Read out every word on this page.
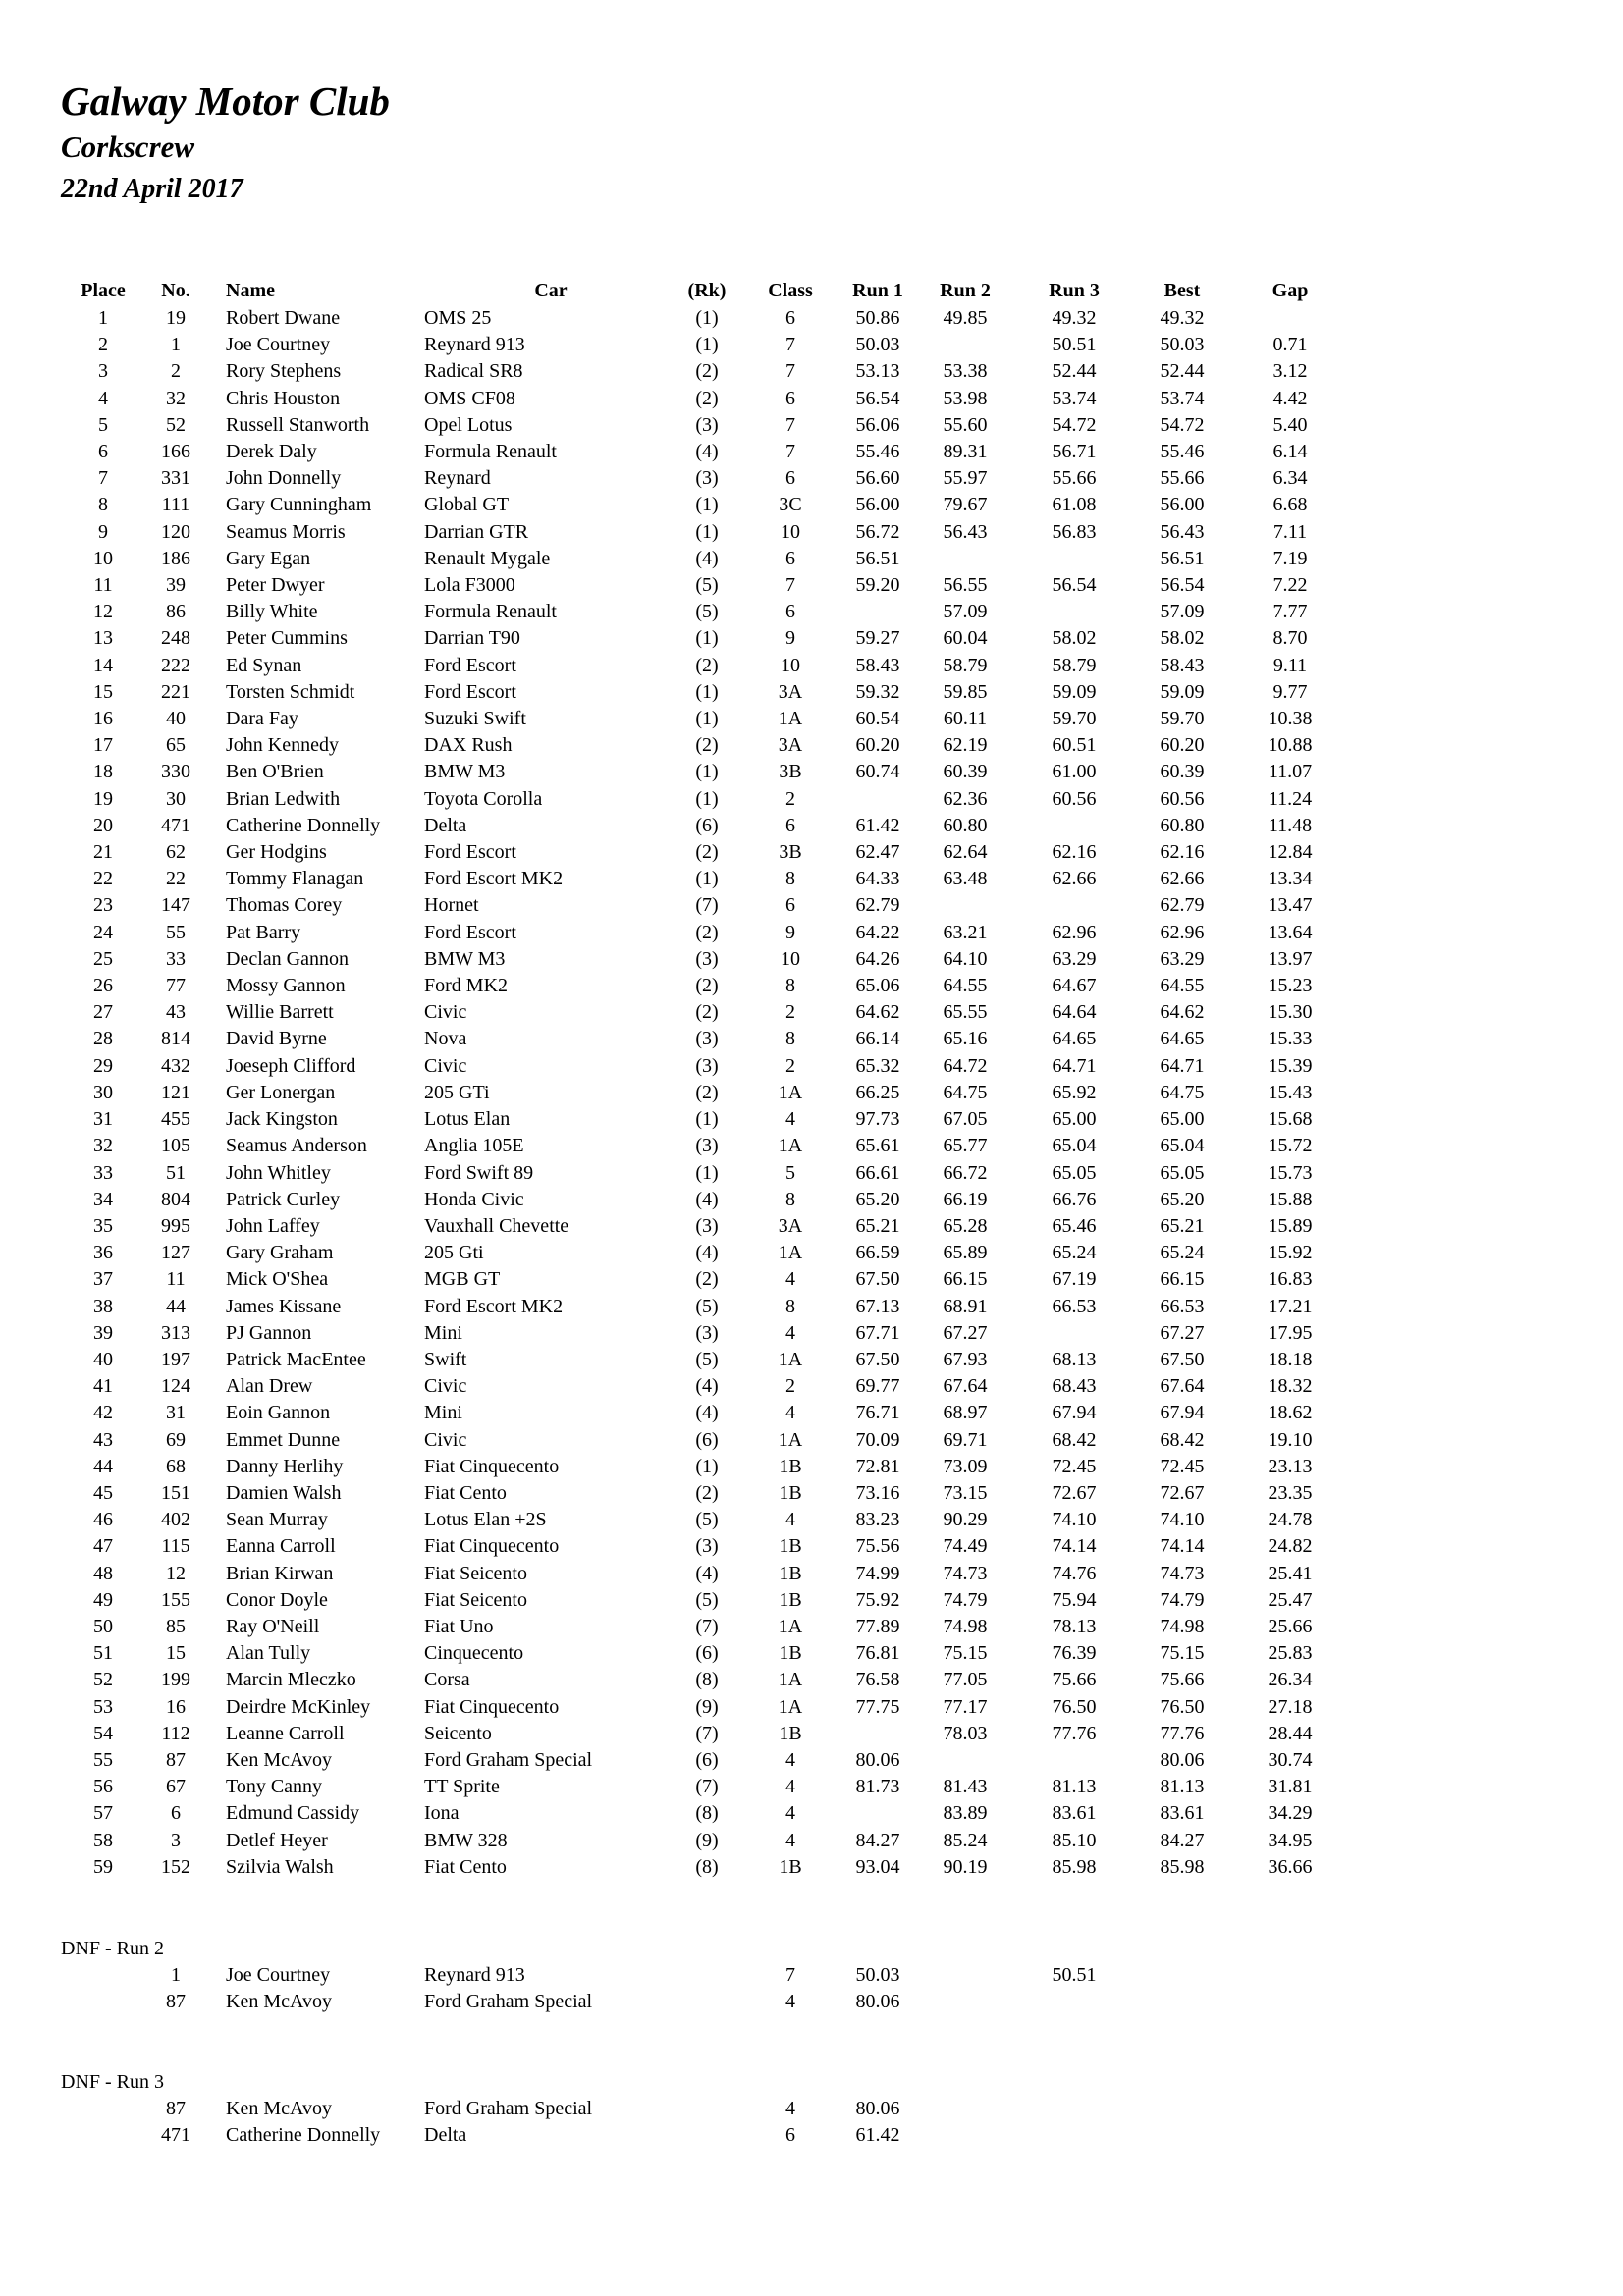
Galway Motor Club

Corkscrew

22nd April 2017

Place	No.		Name	Car	(Rk)	Class	Run 1	Run 2	Run 3	Best	Gap
1	19		Robert Dwane	OMS 25	(1)	6	50.86	49.85	49.32	49.32	
2	1		Joe Courtney	Reynard 913	(1)	7	50.03		50.51	50.03	0.71
3	2		Rory Stephens	Radical SR8	(2)	7	53.13	53.38	52.44	52.44	3.12
4	32		Chris Houston	OMS CF08	(2)	6	56.54	53.98	53.74	53.74	4.42
5	52		Russell Stanworth	Opel Lotus	(3)	7	56.06	55.60	54.72	54.72	5.40
6	166		Derek Daly	Formula Renault	(4)	7	55.46	89.31	56.71	55.46	6.14
7	331		John Donnelly	Reynard	(3)	6	56.60	55.97	55.66	55.66	6.34
8	111		Gary Cunningham	Global GT	(1)	3C	56.00	79.67	61.08	56.00	6.68
9	120		Seamus Morris	Darrian GTR	(1)	10	56.72	56.43	56.83	56.43	7.11
10	186		Gary Egan	Renault Mygale	(4)	6	56.51			56.51	7.19
11	39		Peter Dwyer	Lola F3000	(5)	7	59.20	56.55	56.54	56.54	7.22
12	86		Billy White	Formula Renault	(5)	6		57.09		57.09	7.77
13	248		Peter Cummins	Darrian T90	(1)	9	59.27	60.04	58.02	58.02	8.70
14	222		Ed Synan	Ford Escort	(2)	10	58.43	58.79	58.79	58.43	9.11
15	221		Torsten Schmidt	Ford Escort	(1)	3A	59.32	59.85	59.09	59.09	9.77
16	40		Dara Fay	Suzuki Swift	(1)	1A	60.54	60.11	59.70	59.70	10.38
17	65		John Kennedy	DAX Rush	(2)	3A	60.20	62.19	60.51	60.20	10.88
18	330		Ben O'Brien	BMW M3	(1)	3B	60.74	60.39	61.00	60.39	11.07
19	30		Brian Ledwith	Toyota Corolla	(1)	2		62.36	60.56	60.56	11.24
20	471		Catherine Donnelly	Delta	(6)	6	61.42	60.80		60.80	11.48
21	62		Ger Hodgins	Ford Escort	(2)	3B	62.47	62.64	62.16	62.16	12.84
22	22		Tommy Flanagan	Ford Escort MK2	(1)	8	64.33	63.48	62.66	62.66	13.34
23	147		Thomas Corey	Hornet	(7)	6	62.79			62.79	13.47
24	55		Pat Barry	Ford Escort	(2)	9	64.22	63.21	62.96	62.96	13.64
25	33		Declan Gannon	BMW M3	(3)	10	64.26	64.10	63.29	63.29	13.97
26	77		Mossy Gannon	Ford MK2	(2)	8	65.06	64.55	64.67	64.55	15.23
27	43		Willie Barrett	Civic	(2)	2	64.62	65.55	64.64	64.62	15.30
28	814		David Byrne	Nova	(3)	8	66.14	65.16	64.65	64.65	15.33
29	432		Joeseph Clifford	Civic	(3)	2	65.32	64.72	64.71	64.71	15.39
30	121		Ger Lonergan	205 GTi	(2)	1A	66.25	64.75	65.92	64.75	15.43
31	455		Jack Kingston	Lotus Elan	(1)	4	97.73	67.05	65.00	65.00	15.68
32	105		Seamus Anderson	Anglia 105E	(3)	1A	65.61	65.77	65.04	65.04	15.72
33	51		John Whitley	Ford Swift 89	(1)	5	66.61	66.72	65.05	65.05	15.73
34	804		Patrick Curley	Honda Civic	(4)	8	65.20	66.19	66.76	65.20	15.88
35	995		John Laffey	Vauxhall Chevette	(3)	3A	65.21	65.28	65.46	65.21	15.89
36	127		Gary Graham	205 Gti	(4)	1A	66.59	65.89	65.24	65.24	15.92
37	11		Mick O'Shea	MGB GT	(2)	4	67.50	66.15	67.19	66.15	16.83
38	44		James Kissane	Ford Escort MK2	(5)	8	67.13	68.91	66.53	66.53	17.21
39	313		PJ Gannon	Mini	(3)	4	67.71	67.27		67.27	17.95
40	197		Patrick MacEntee	Swift	(5)	1A	67.50	67.93	68.13	67.50	18.18
41	124		Alan Drew	Civic	(4)	2	69.77	67.64	68.43	67.64	18.32
42	31		Eoin Gannon	Mini	(4)	4	76.71	68.97	67.94	67.94	18.62
43	69		Emmet Dunne	Civic	(6)	1A	70.09	69.71	68.42	68.42	19.10
44	68		Danny Herlihy	Fiat Cinquecento	(1)	1B	72.81	73.09	72.45	72.45	23.13
45	151		Damien Walsh	Fiat Cento	(2)	1B	73.16	73.15	72.67	72.67	23.35
46	402		Sean Murray	Lotus Elan +2S	(5)	4	83.23	90.29	74.10	74.10	24.78
47	115		Eanna Carroll	Fiat Cinquecento	(3)	1B	75.56	74.49	74.14	74.14	24.82
48	12		Brian Kirwan	Fiat Seicento	(4)	1B	74.99	74.73	74.76	74.73	25.41
49	155		Conor Doyle	Fiat Seicento	(5)	1B	75.92	74.79	75.94	74.79	25.47
50	85		Ray O'Neill	Fiat Uno	(7)	1A	77.89	74.98	78.13	74.98	25.66
51	15		Alan Tully	Cinquecento	(6)	1B	76.81	75.15	76.39	75.15	25.83
52	199		Marcin Mleczko	Corsa	(8)	1A	76.58	77.05	75.66	75.66	26.34
53	16		Deirdre McKinley	Fiat Cinquecento	(9)	1A	77.75	77.17	76.50	76.50	27.18
54	112		Leanne Carroll	Seicento	(7)	1B		78.03	77.76	77.76	28.44
55	87		Ken McAvoy	Ford Graham Special	(6)	4	80.06			80.06	30.74
56	67		Tony Canny	TT Sprite	(7)	4	81.73	81.43	81.13	81.13	31.81
57	6		Edmund Cassidy	Iona	(8)	4		83.89	83.61	83.61	34.29
58	3		Detlef Heyer	BMW 328	(9)	4	84.27	85.24	85.10	84.27	34.95
59	152		Szilvia Walsh	Fiat Cento	(8)	1B	93.04	90.19	85.98	85.98	36.66

DNF - Run 2

	1		Joe Courtney	Reynard 913		7	50.03		50.51
	87		Ken McAvoy	Ford Graham Special		4	80.06		

DNF - Run 3

	87		Ken McAvoy	Ford Graham Special		4	80.06		
	471		Catherine Donnelly	Delta		6	61.42		
